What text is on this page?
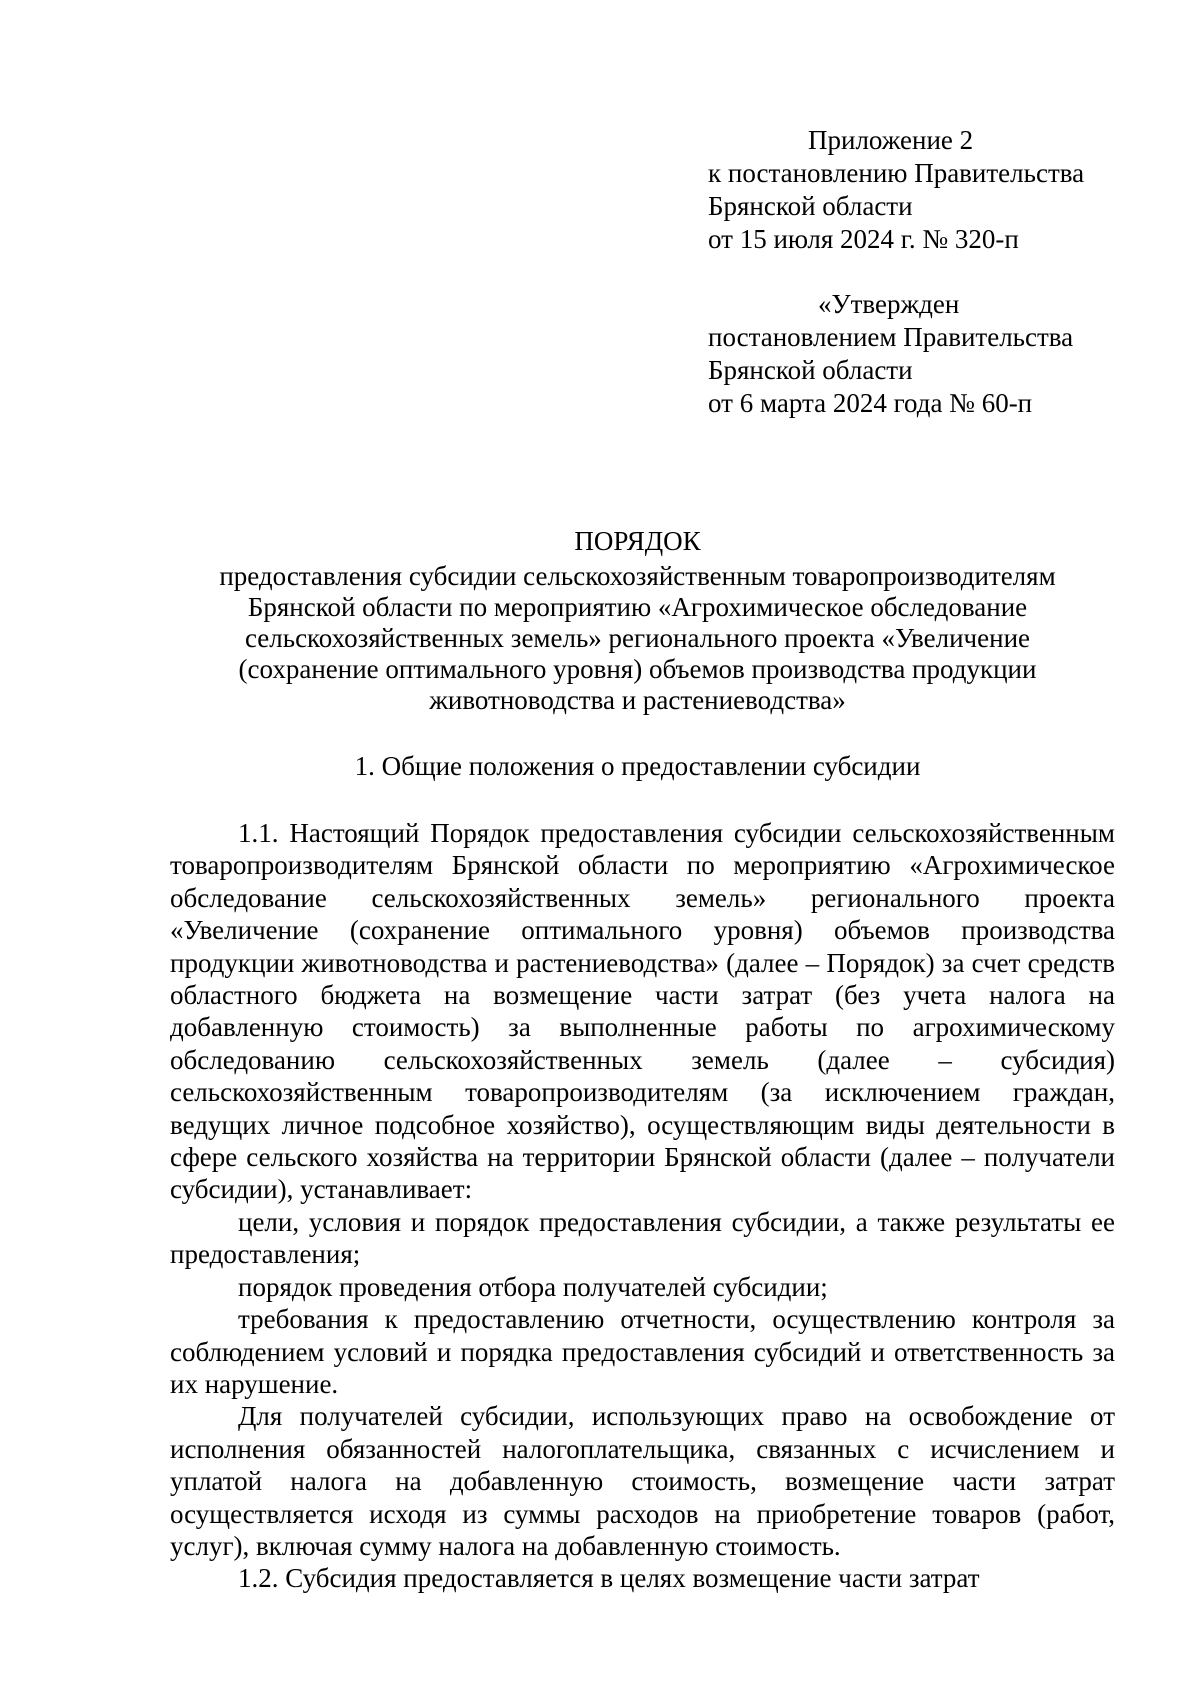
Приложение 2
к постановлению Правительства
Брянской области
от 15 июля 2024 г. № 320-п
«Утвержден
постановлением Правительства
Брянской области
от 6 марта 2024 года № 60-п
ПОРЯДОК
предоставления субсидии сельскохозяйственным товаропроизводителям Брянской области по мероприятию «Агрохимическое обследование сельскохозяйственных земель» регионального проекта «Увеличение (сохранение оптимального уровня) объемов производства продукции животноводства и растениеводства»
1. Общие положения о предоставлении субсидии

1.1. Настоящий Порядок предоставления субсидии сельскохозяйственным товаропроизводителям Брянской области по мероприятию «Агрохимическое обследование сельскохозяйственных земель» регионального проекта «Увеличение (сохранение оптимального уровня) объемов производства продукции животноводства и растениеводства» (далее – Порядок) за счет средств областного бюджета на возмещение части затрат (без учета налога на добавленную стоимость) за выполненные работы по агрохимическому обследованию сельскохозяйственных земель (далее – субсидия) сельскохозяйственным товаропроизводителям (за исключением граждан, ведущих личное подсобное хозяйство), осуществляющим виды деятельности в сфере сельского хозяйства на территории Брянской области (далее – получатели субсидии), устанавливает:

цели, условия и порядок предоставления субсидии, а также результаты ее предоставления;

порядок проведения отбора получателей субсидии;

требования к предоставлению отчетности, осуществлению контроля за соблюдением условий и порядка предоставления субсидий и ответственность за их нарушение.

Для получателей субсидии, использующих право на освобождение от исполнения обязанностей налогоплательщика, связанных с исчислением и уплатой налога на добавленную стоимость, возмещение части затрат осуществляется исходя из суммы расходов на приобретение товаров (работ, услуг), включая сумму налога на добавленную стоимость.

1.2. Субсидия предоставляется в целях возмещение части затрат
